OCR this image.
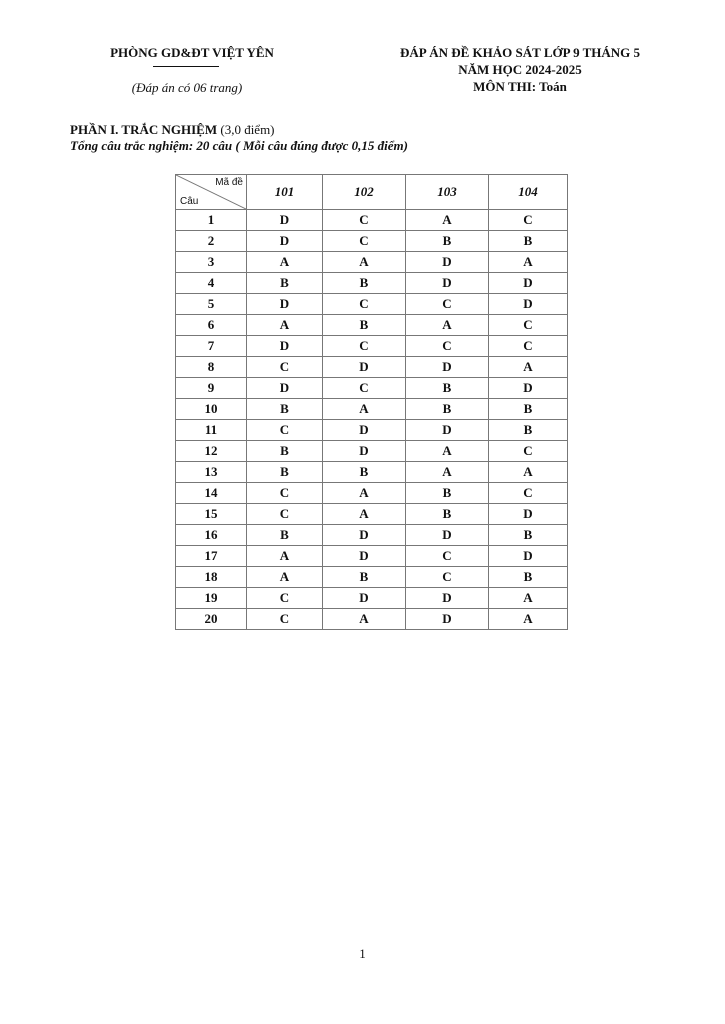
PHÒNG GD&ĐT VIỆT YÊN
(Đáp án có 06 trang)
ĐÁP ÁN ĐỀ KHẢO SÁT LỚP 9 THÁNG 5
NĂM HỌC 2024-2025
MÔN THI: Toán
PHẦN I. TRẮC NGHIỆM (3,0 điểm)
Tổng câu trắc nghiệm: 20 câu ( Mỗi câu đúng được 0,15 điểm)
Mã đề
Câu	101	102	103	104
1	D	C	A	C
2	D	C	B	B
3	A	A	D	A
4	B	B	D	D
5	D	C	C	D
6	A	B	A	C
7	D	C	C	C
8	C	D	D	A
9	D	C	B	D
10	B	A	B	B
11	C	D	D	B
12	B	D	A	C
13	B	B	A	A
14	C	A	B	C
15	C	A	B	D
16	B	D	D	B
17	A	D	C	D
18	A	B	C	B
19	C	D	D	A
20	C	A	D	A
1
